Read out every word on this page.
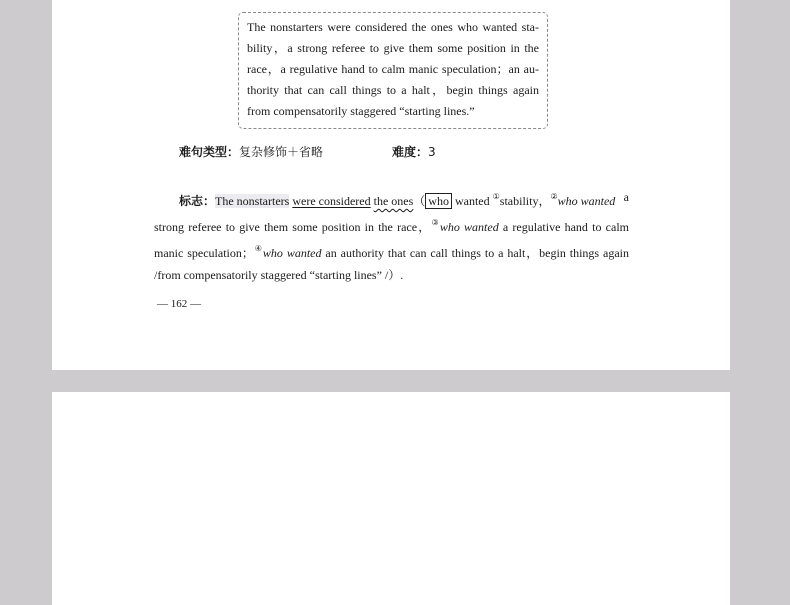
The nonstarters were considered the ones who wanted sta-
bility，a strong referee to give them some position in the
race，a regulative hand to calm manic speculation；an au-
thority that can call things to a halt，begin things again
from compensatorily staggered “starting lines.”
难句类型：复杂修饰＋省略	难度：3
标志：The nonstarters were considered the ones（ who wanted ①stability，②who wanted a
strong referee to give them some position in the race，③who wanted a regulative hand to calm
manic speculation；④who wanted an authority that can call things to a halt，begin things again
/from compensatorily staggered “starting lines” /）.
— 162 —
